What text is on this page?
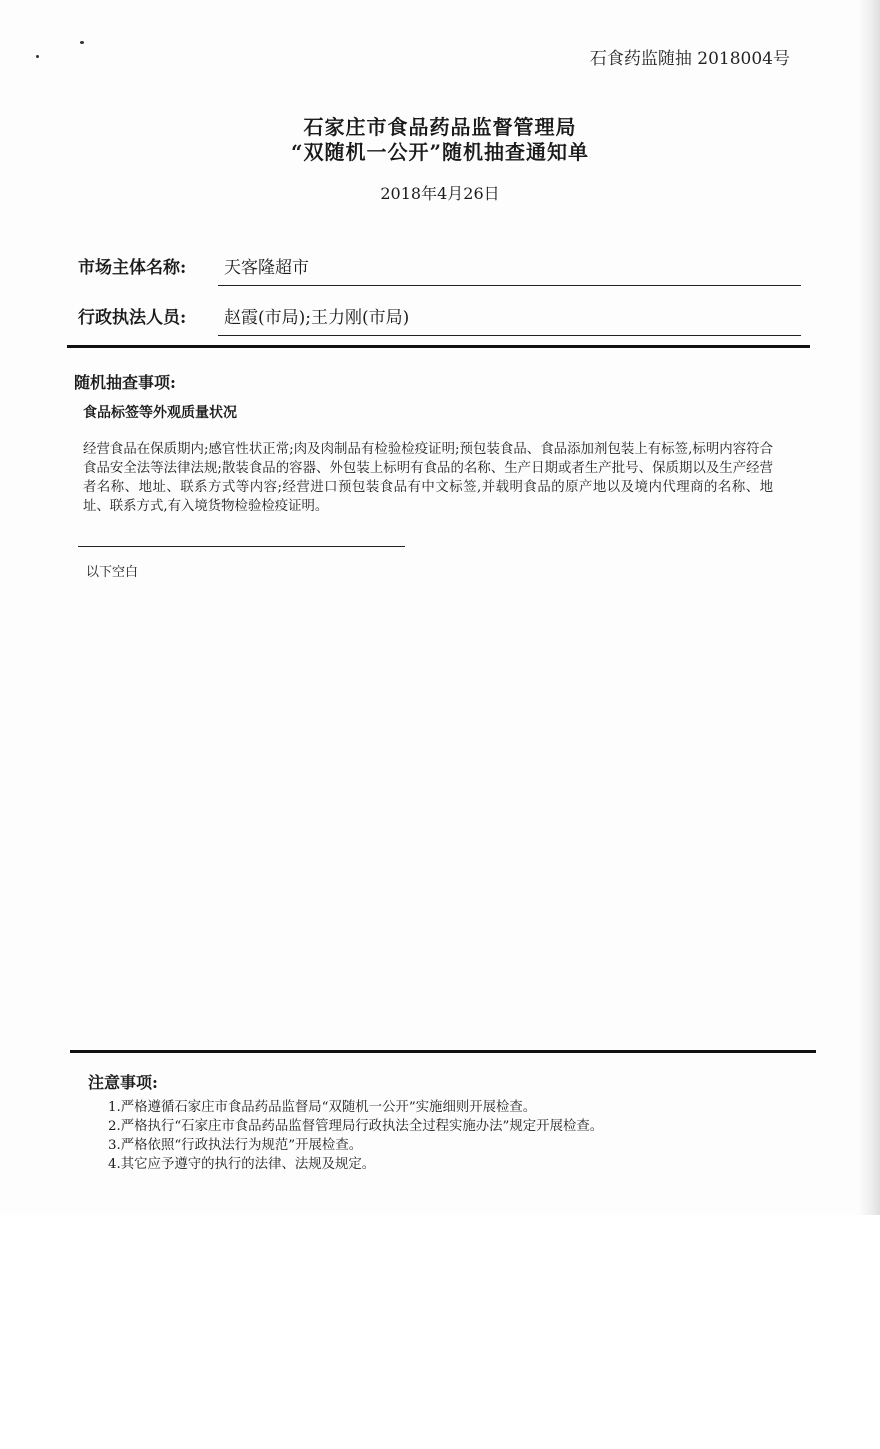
石食药监随抽 2018004号
石家庄市食品药品监督管理局
“双随机一公开”随机抽查通知单
2018年4月26日
市场主体名称: 天客隆超市
行政执法人员: 赵霞(市局);王力刚(市局)
随机抽查事项:
食品标签等外观质量状况
经营食品在保质期内;感官性状正常;肉及肉制品有检验检疫证明;预包装食品、食品添加剂包装上有标签,标明内容符合食品安全法等法律法规;散装食品的容器、外包装上标明有食品的名称、生产日期或者生产批号、保质期以及生产经营者名称、地址、联系方式等内容;经营进口预包装食品有中文标签,并载明食品的原产地以及境内代理商的名称、地址、联系方式,有入境货物检验检疫证明。
以下空白
注意事项:
1.严格遵循石家庄市食品药品监督局“双随机一公开”实施细则开展检查。
2.严格执行“石家庄市食品药品监督管理局行政执法全过程实施办法”规定开展检查。
3.严格依照“行政执法行为规范”开展检查。
4.其它应予遵守的执行的法律、法规及规定。
